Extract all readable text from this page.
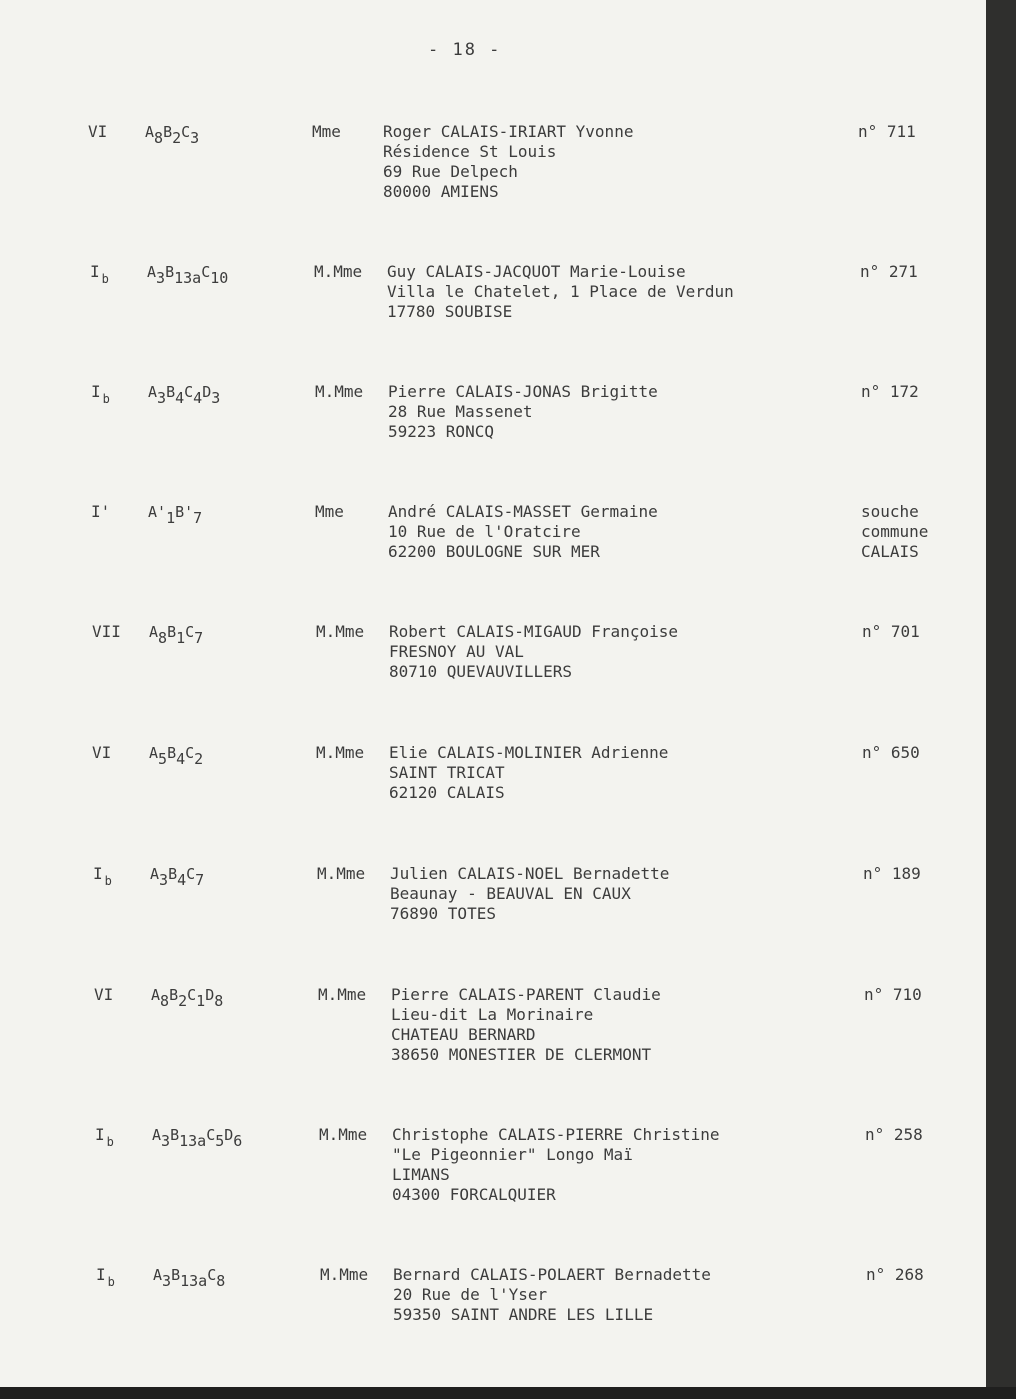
- 18 -
VI	A8B2C3	Mme	Roger CALAIS-IRIART Yvonne
Résidence St Louis
69 Rue Delpech
80000 AMIENS
n° 711
I $_b$	A3B13aC10	M.Mme Guy CALAIS-JACQUOT Marie-Louise
Villa le Chatelet, 1 Place de Verdun
17780 SOUBISE
n° 271
I $_b$	A3B4C4D3	M.Mme Pierre CALAIS-JONAS Brigitte
28 Rue Massenet
59223 RONCQ
n° 172
I'	A'1B'7	Mme	André CALAIS-MASSET Germaine
10 Rue de l'Oratcire
62200 BOULOGNE SUR MER
souche
commune
CALAIS
VII A8B1C7	M.Mme Robert CALAIS-MIGAUD Françoise
FRESNOY AU VAL
80710 QUEVAUVILLERS
n° 701
VI	A5B4C2	M.Mme Elie CALAIS-MOLINIER Adrienne
SAINT TRICAT
62120 CALAIS
n° 650
I $_b$	A3B4C7	M.Mme Julien CALAIS-NOEL Bernadette
Beaunay - BEAUVAL EN CAUX
76890 TOTES
n° 189
VI	A8B2C1D8	M.Mme Pierre CALAIS-PARENT Claudie
Lieu-dit La Morinaire
CHATEAU BERNARD
38650 MONESTIER DE CLERMONT
n° 710
I $_b$	A3B13aC5D6	M.Mme Christophe CALAIS-PIERRE Christine
"Le Pigeonnier" Longo Maï
LIMANS
04300 FORCALQUIER
n° 258
I $_b$	A3B13aC8	M.Mme Bernard CALAIS-POLAERT Bernadette
20 Rue de l'Yser
59350 SAINT ANDRE LES LILLE
n° 268
